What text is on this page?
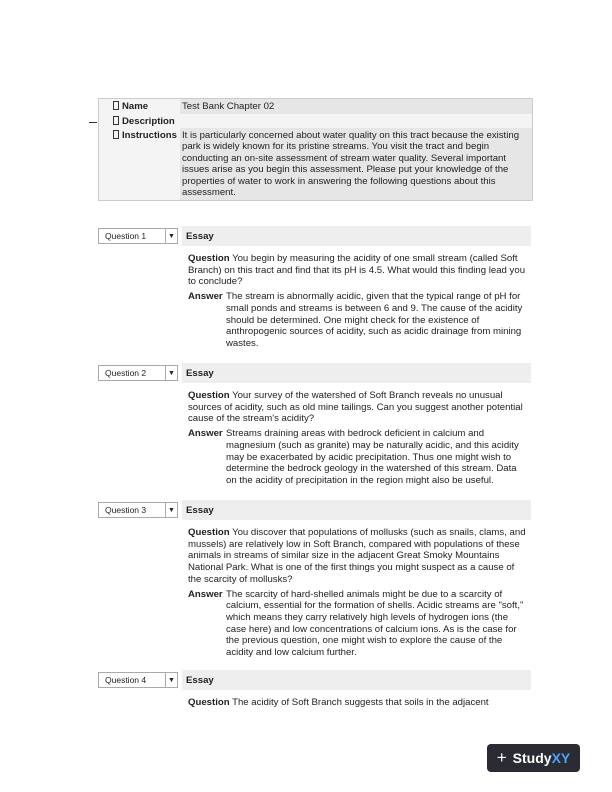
Name	Test Bank Chapter 02
Description
Instructions It is particularly concerned about water quality on this tract because the existing park is widely known for its pristine streams. You visit the tract and begin conducting an on-site assessment of stream water quality. Several important issues arise as you begin this assessment. Please put your knowledge of the properties of water to work in answering the following questions about this assessment.
Question 1	▼	Essay

Question You begin by measuring the acidity of one small stream (called Soft Branch) on this tract and find that its pH is 4.5. What would this finding lead you to conclude?

Answer The stream is abnormally acidic, given that the typical range of pH for small ponds and streams is between 6 and 9. The cause of the acidity should be determined. One might check for the existence of anthropogenic sources of acidity, such as acidic drainage from mining wastes.
Question 2	▼	Essay

Question Your survey of the watershed of Soft Branch reveals no unusual sources of acidity, such as old mine tailings. Can you suggest another potential cause of the stream's acidity?

Answer Streams draining areas with bedrock deficient in calcium and magnesium (such as granite) may be naturally acidic, and this acidity may be exacerbated by acidic precipitation. Thus one might wish to determine the bedrock geology in the watershed of this stream. Data on the acidity of precipitation in the region might also be useful.
Question 3	▼	Essay

Question You discover that populations of mollusks (such as snails, clams, and mussels) are relatively low in Soft Branch, compared with populations of these animals in streams of similar size in the adjacent Great Smoky Mountains National Park. What is one of the first things you might suspect as a cause of the scarcity of mollusks?

Answer The scarcity of hard-shelled animals might be due to a scarcity of calcium, essential for the formation of shells. Acidic streams are "soft," which means they carry relatively high levels of hydrogen ions (the case here) and low concentrations of calcium ions. As is the case for the previous question, one might wish to explore the cause of the acidity and low calcium further.
Question 4	▼	Essay

Question The acidity of Soft Branch suggests that soils in the adjacent

+ Study XY
